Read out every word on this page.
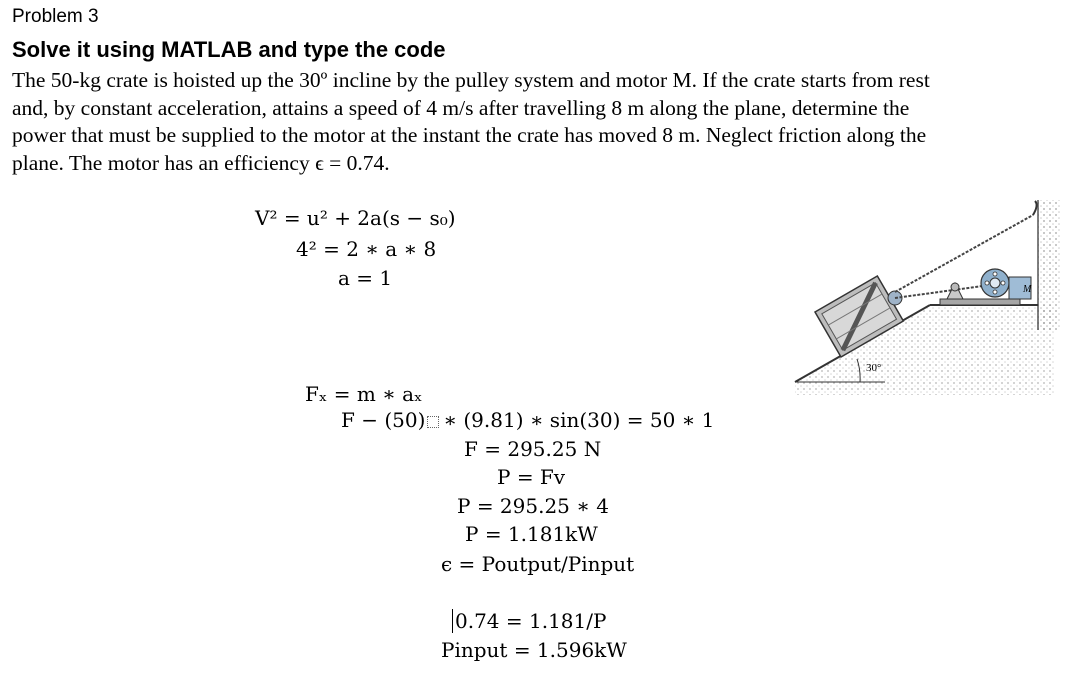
Problem 3
Solve it using MATLAB and type the code
The 50-kg crate is hoisted up the 30º incline by the pulley system and motor M. If the crate starts from rest
and, by constant acceleration, attains a speed of 4 m/s after travelling 8 m along the plane, determine the
power that must be supplied to the motor at the instant the crate has moved 8 m. Neglect friction along the
plane. The motor has an efficiency ϵ = 0.74.
V² = u² + 2a(s − s₀)
4² = 2 ∗ a ∗ 8
a = 1
Fₓ = m ∗ aₓ
F − (50) ∗ (9.81) ∗ sin(30) = 50 ∗ 1
F = 295.25 N
P = Fv
P = 295.25 ∗ 4
P = 1.181kW
ϵ = Poutput/Pinput
0.74 = 1.181/P
Pinput = 1.596kW
30°
M
